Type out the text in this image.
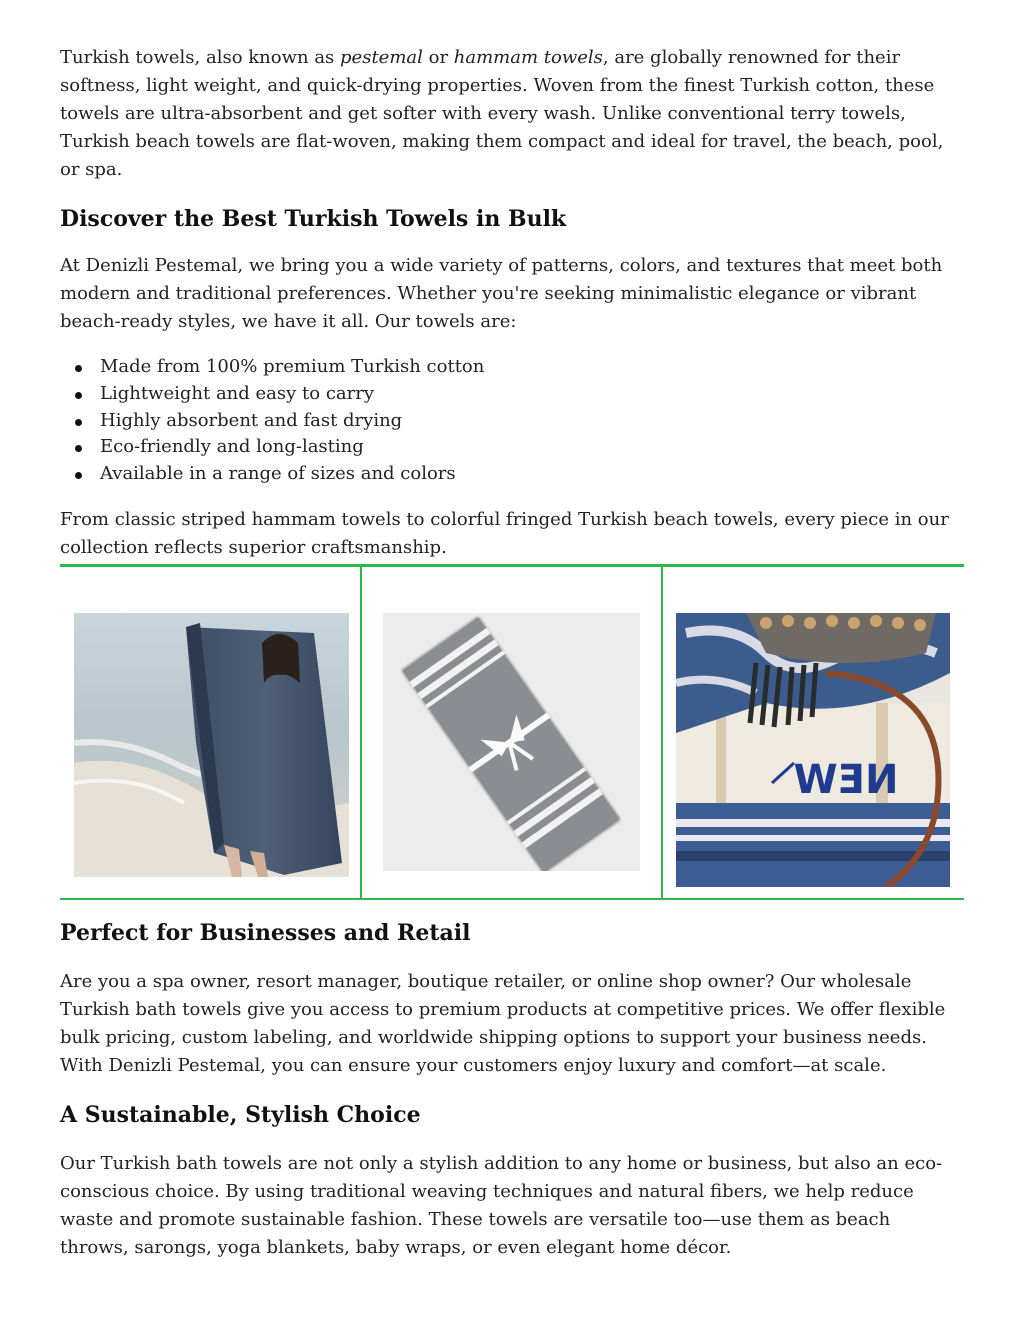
Turkish towels, also known as pestemal or hammam towels, are globally renowned for their softness, light weight, and quick-drying properties. Woven from the finest Turkish cotton, these towels are ultra-absorbent and get softer with every wash. Unlike conventional terry towels, Turkish beach towels are flat-woven, making them compact and ideal for travel, the beach, pool, or spa.

Discover the Best Turkish Towels in Bulk

At Denizli Pestemal, we bring you a wide variety of patterns, colors, and textures that meet both modern and traditional preferences. Whether you're seeking minimalistic elegance or vibrant beach-ready styles, we have it all. Our towels are:

Made from 100% premium Turkish cotton
Lightweight and easy to carry
Highly absorbent and fast drying
Eco-friendly and long-lasting
Available in a range of sizes and colors

From classic striped hammam towels to colorful fringed Turkish beach towels, every piece in our collection reflects superior craftsmanship.

NEW
Perfect for Businesses and Retail

Are you a spa owner, resort manager, boutique retailer, or online shop owner? Our wholesale Turkish bath towels give you access to premium products at competitive prices. We offer flexible bulk pricing, custom labeling, and worldwide shipping options to support your business needs. With Denizli Pestemal, you can ensure your customers enjoy luxury and comfort—at scale.

A Sustainable, Stylish Choice

Our Turkish bath towels are not only a stylish addition to any home or business, but also an eco-conscious choice. By using traditional weaving techniques and natural fibers, we help reduce waste and promote sustainable fashion. These towels are versatile too—use them as beach throws, sarongs, yoga blankets, baby wraps, or even elegant home décor.
